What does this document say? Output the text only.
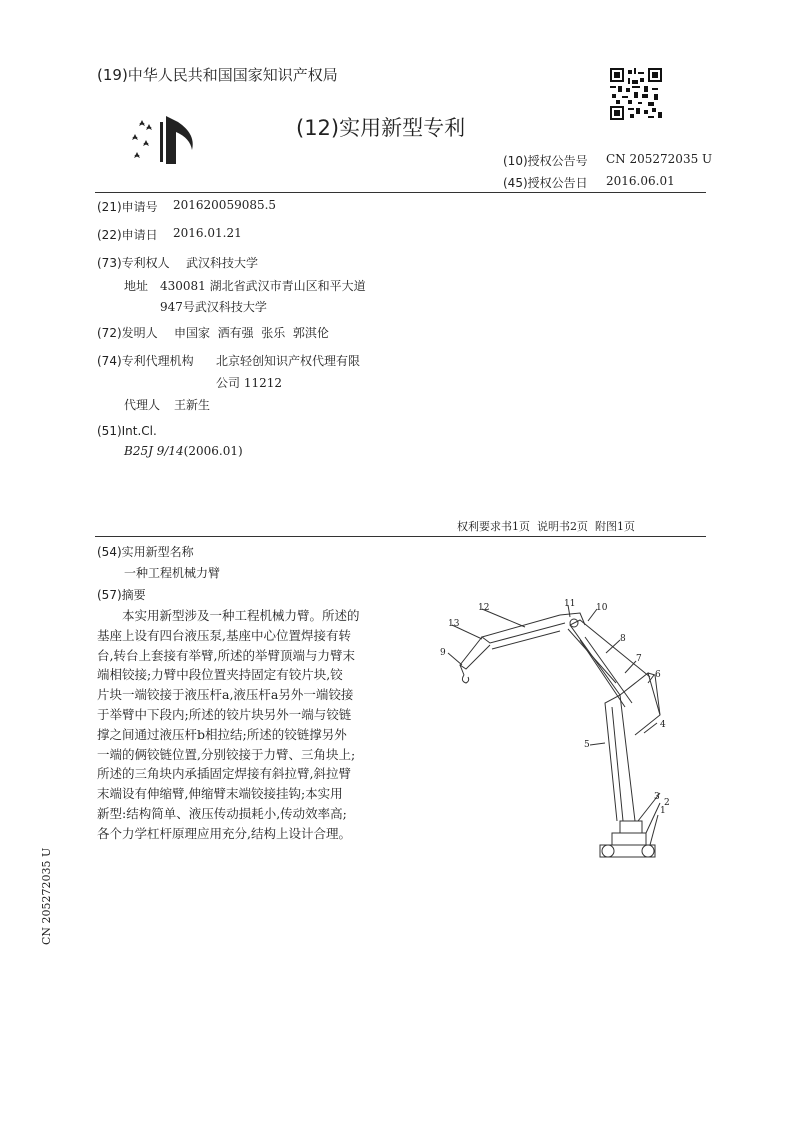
(19)中华人民共和国国家知识产权局
(12)实用新型专利
(10)授权公告号 CN 205272035 U
(45)授权公告日 2016.06.01
(21)申请号 201620059085.5
(22)申请日 2016.01.21
(73)专利权人 武汉科技大学
地址 430081 湖北省武汉市青山区和平大道
947号武汉科技大学
(72)发明人 申国家  洒有强  张乐  郭淇伦
(74)专利代理机构 北京轻创知识产权代理有限
公司 11212
代理人 王新生
(51)Int.Cl.
B25J 9/14(2006.01)
权利要求书1页  说明书2页  附图1页
(54)实用新型名称
一种工程机械力臂
(57)摘要
本实用新型涉及一种工程机械力臂。所述的
基座上设有四台液压泵,基座中心位置焊接有转
台,转台上套接有举臂,所述的举臂顶端与力臂末
端相铰接;力臂中段位置夹持固定有铰片块,铰
片块一端铰接于液压杆a,液压杆a另外一端铰接
于举臂中下段内;所述的铰片块另外一端与铰链
撑之间通过液压杆b相拉结;所述的铰链撑另外
一端的俩铰链位置,分别铰接于力臂、三角块上;
所述的三角块内承插固定焊接有斜拉臂,斜拉臂
末端设有伸缩臂,伸缩臂末端铰接挂钩;本实用
新型:结构简单、液压传动损耗小,传动效率高;
各个力学杠杆原理应用充分,结构上设计合理。
1
2
3
4
5
6
7
8
9
10
11
12
13
CN 205272035 U
